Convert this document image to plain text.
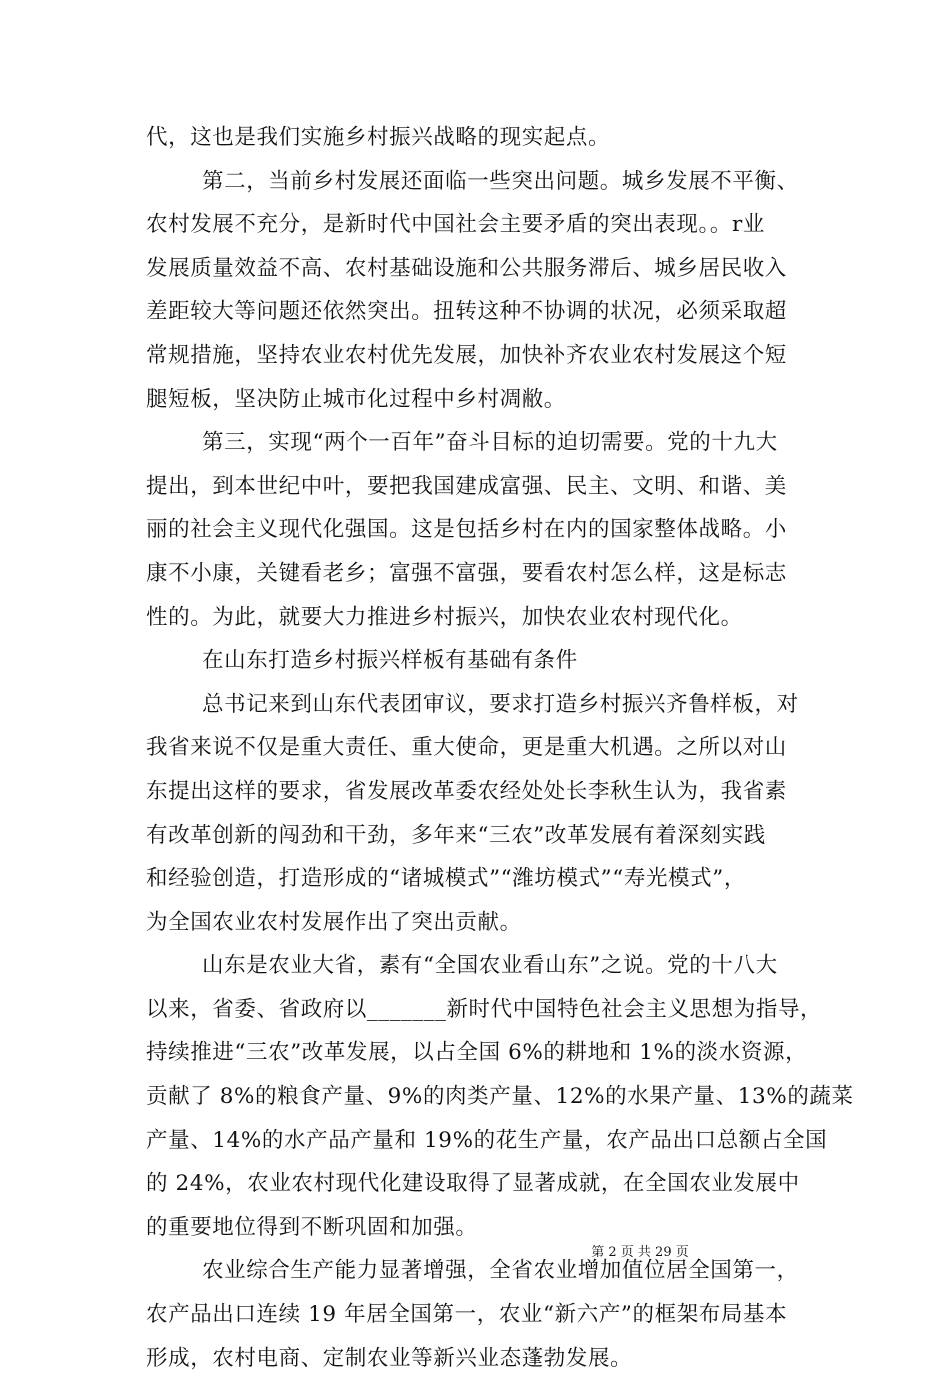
代，这也是我们实施乡村振兴战略的现实起点。
第二，当前乡村发展还面临一些突出问题。城乡发展不平衡、
农村发展不充分，是新时代中国社会主要矛盾的突出表现。。r业
发展质量效益不高、农村基础设施和公共服务滞后、城乡居民收入
差距较大等问题还依然突出。扭转这种不协调的状况，必须采取超
常规措施，坚持农业农村优先发展，加快补齐农业农村发展这个短
腿短板，坚决防止城市化过程中乡村凋敝。
第三，实现“两个一百年”奋斗目标的迫切需要。党的十九大
提出，到本世纪中叶，要把我国建成富强、民主、文明、和谐、美
丽的社会主义现代化强国。这是包括乡村在内的国家整体战略。小
康不小康，关键看老乡；富强不富强，要看农村怎么样，这是标志
性的。为此，就要大力推进乡村振兴，加快农业农村现代化。
在山东打造乡村振兴样板有基础有条件
总书记来到山东代表团审议，要求打造乡村振兴齐鲁样板，对
我省来说不仅是重大责任、重大使命，更是重大机遇。之所以对山
东提出这样的要求，省发展改革委农经处处长李秋生认为，我省素
有改革创新的闯劲和干劲，多年来“三农”改革发展有着深刻实践
和经验创造，打造形成的“诸城模式”“潍坊模式”“寿光模式”，
为全国农业农村发展作出了突出贡献。
山东是农业大省，素有“全国农业看山东”之说。党的十八大
以来，省委、省政府以_______新时代中国特色社会主义思想为指导，
持续推进“三农”改革发展，以占全国 6%的耕地和 1%的淡水资源，
贡献了 8%的粮食产量、9%的肉类产量、12%的水果产量、13%的蔬菜
产量、14%的水产品产量和 19%的花生产量，农产品出口总额占全国
的 24%，农业农村现代化建设取得了显著成就，在全国农业发展中
的重要地位得到不断巩固和加强。
农业综合生产能力显著增强，全省农业增加值位居全国第一，
农产品出口连续 19 年居全国第一，农业“新六产”的框架布局基本
形成，农村电商、定制农业等新兴业态蓬勃发展。
第 2 页 共 29 页
